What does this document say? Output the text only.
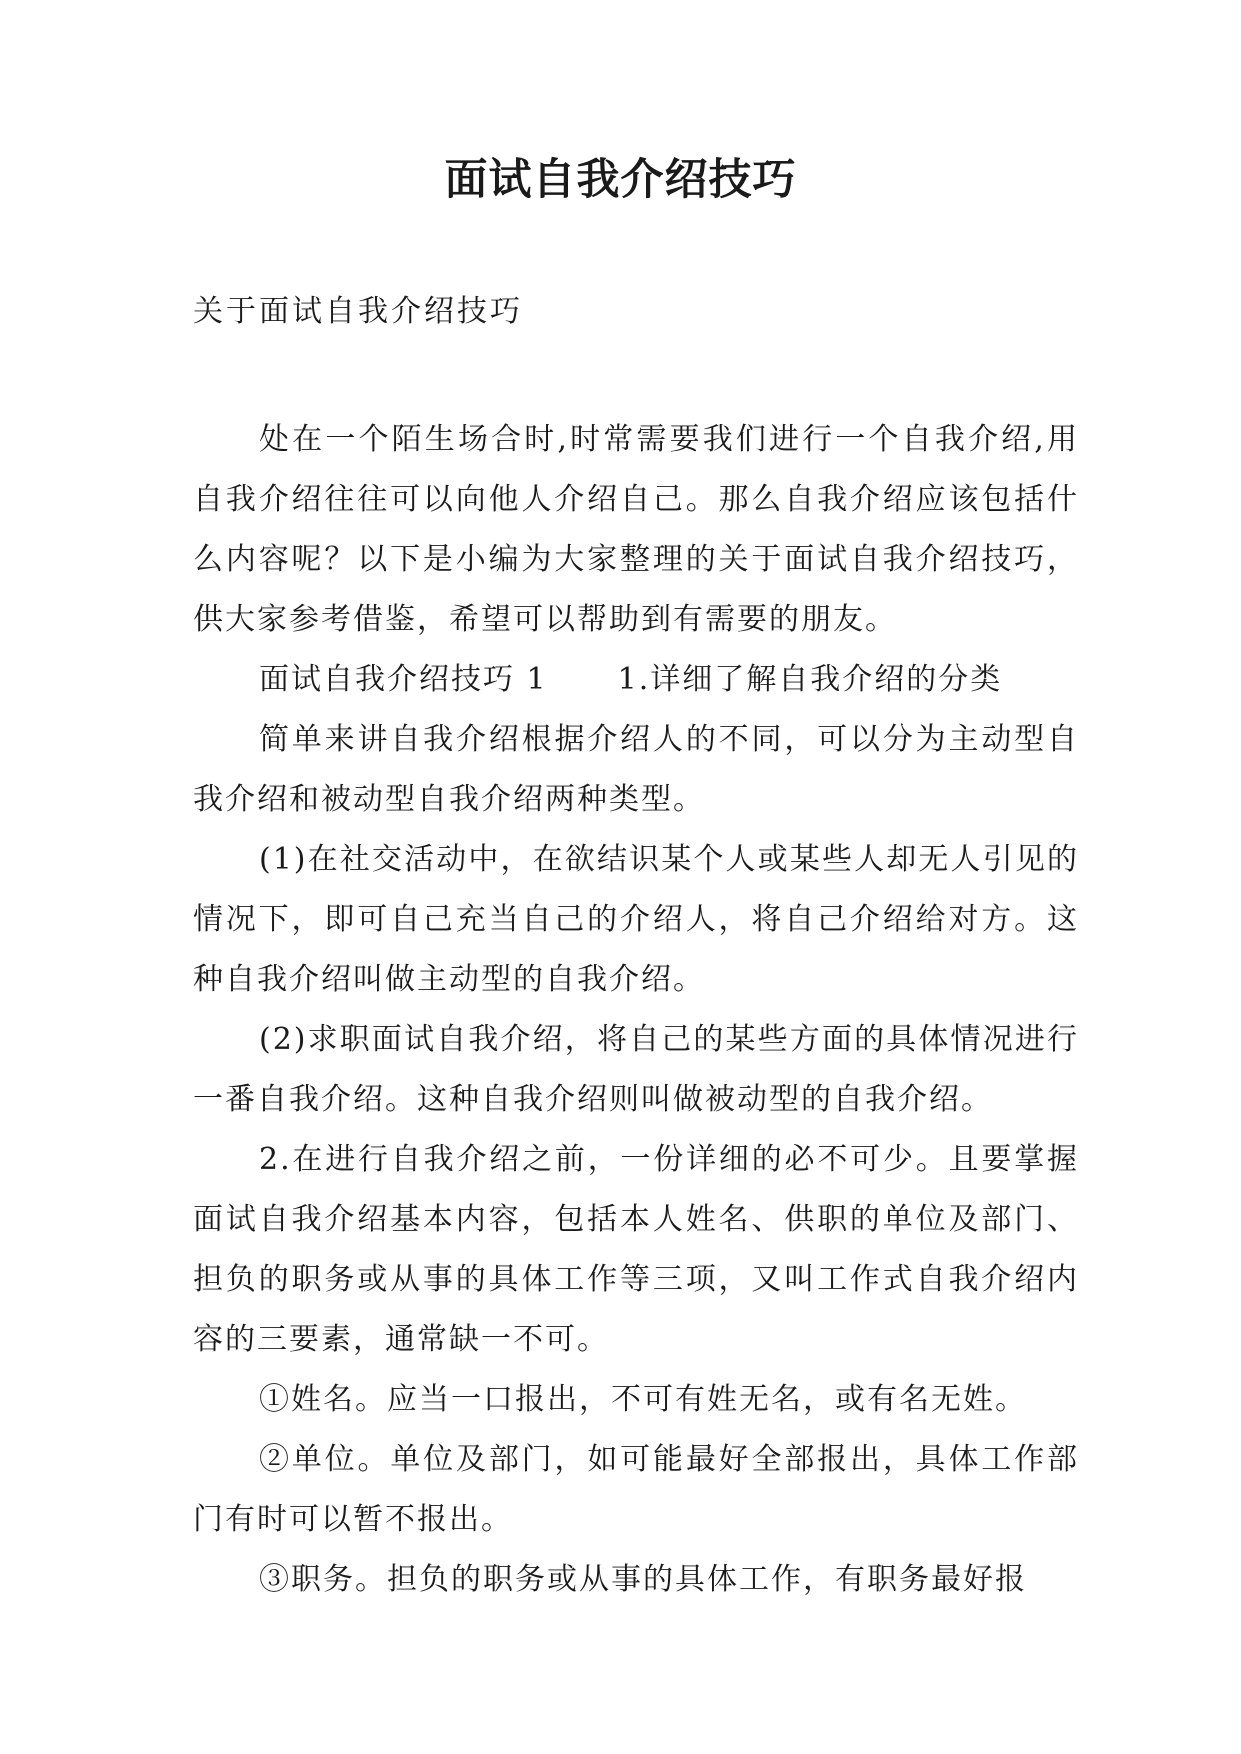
面试自我介绍技巧
关于面试自我介绍技巧

处在一个陌生场合时,时常需要我们进行一个自我介绍,用自我介绍往往可以向他人介绍自己。那么自我介绍应该包括什么内容呢？以下是小编为大家整理的关于面试自我介绍技巧，供大家参考借鉴，希望可以帮助到有需要的朋友。

面试自我介绍技巧 1 1.详细了解自我介绍的分类

简单来讲自我介绍根据介绍人的不同，可以分为主动型自我介绍和被动型自我介绍两种类型。

(1)在社交活动中，在欲结识某个人或某些人却无人引见的情况下，即可自己充当自己的介绍人，将自己介绍给对方。这种自我介绍叫做主动型的自我介绍。

(2)求职面试自我介绍，将自己的某些方面的具体情况进行一番自我介绍。这种自我介绍则叫做被动型的自我介绍。

2.在进行自我介绍之前，一份详细的必不可少。且要掌握面试自我介绍基本内容，包括本人姓名、供职的单位及部门、担负的职务或从事的具体工作等三项，又叫工作式自我介绍内容的三要素，通常缺一不可。

①姓名。应当一口报出，不可有姓无名，或有名无姓。

②单位。单位及部门，如可能最好全部报出，具体工作部门有时可以暂不报出。

③职务。担负的职务或从事的具体工作，有职务最好报
